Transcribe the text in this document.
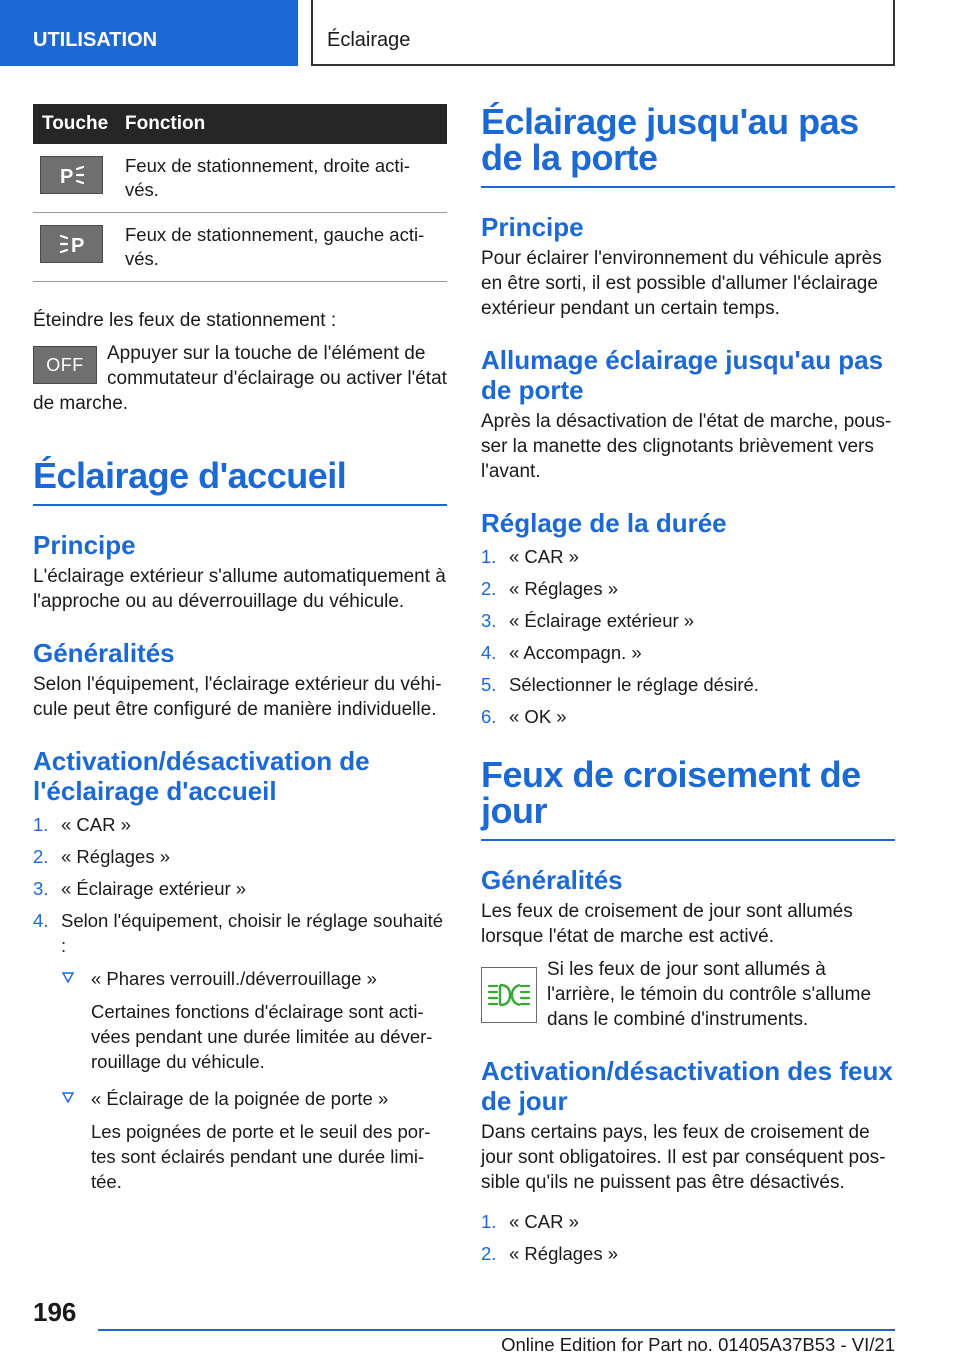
UTILISATION	Éclairage
Touche	Fonction

P	Feux de stationnement, droite activés.

P	Feux de stationnement, gauche activés.

Éteindre les feux de stationnement :

OFF

Appuyer sur la touche de l'élément de commutateur d'éclairage ou activer l'état de marche.

Éclairage d'accueil
Principe

L'éclairage extérieur s'allume automatiquement à l'approche ou au déverrouillage du véhicule.

Généralités

Selon l'équipement, l'éclairage extérieur du véhicule peut être configuré de manière individuelle.

Activation/désactivation de l'éclairage d'accueil
1. « CAR »
2. « Réglages »
3. « Éclairage extérieur »
4. Selon l'équipement, choisir le réglage souhaité :
« Phares verrouill./déverrouillage »
Certaines fonctions d'éclairage sont activées pendant une durée limitée au déverrouillage du véhicule.
« Éclairage de la poignée de porte »
Les poignées de porte et le seuil des portes sont éclairés pendant une durée limitée.
Éclairage jusqu'au pas de la porte
Principe

Pour éclairer l'environnement du véhicule après en être sorti, il est possible d'allumer l'éclairage extérieur pendant un certain temps.

Allumage éclairage jusqu'au pas de porte

Après la désactivation de l'état de marche, pousser la manette des clignotants brièvement vers l'avant.

Réglage de la durée
1. « CAR »
2. « Réglages »
3. « Éclairage extérieur »
4. « Accompagn. »
5. Sélectionner le réglage désiré.
6. « OK »
Feux de croisement de jour
Généralités

Les feux de croisement de jour sont allumés lorsque l'état de marche est activé.

Si les feux de jour sont allumés à l'arrière, le témoin du contrôle s'allume dans le combiné d'instruments.

Activation/désactivation des feux de jour

Dans certains pays, les feux de croisement de jour sont obligatoires. Il est par conséquent possible qu'ils ne puissent pas être désactivés.

1. « CAR »
2. « Réglages »
196
Online Edition for Part no. 01405A37B53 - VI/21
